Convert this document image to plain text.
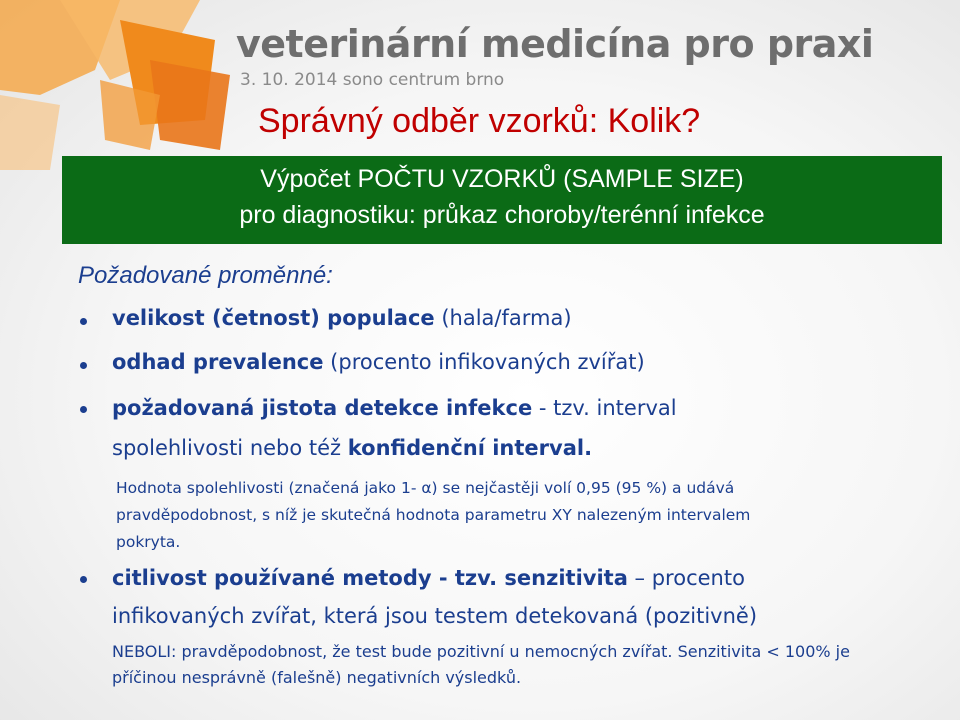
veterinární medicína pro praxi
3. 10. 2014 sono centrum brno
Správný odběr vzorků: Kolik?
Výpočet POČTU VZORKŮ (SAMPLE SIZE)
pro diagnostiku: průkaz choroby/terénní infekce
Požadované proměnné:
velikost (četnost) populace (hala/farma)
odhad prevalence (procento infikovaných zvířat)
požadovaná jistota detekce infekce - tzv. interval
spolehlivosti nebo též konfidenční interval.
Hodnota spolehlivosti (značená jako 1- α) se nejčastěji volí 0,95 (95 %) a udává
pravděpodobnost, s níž je skutečná hodnota parametru XY nalezeným intervalem
pokryta.
citlivost používané metody - tzv. senzitivita – procento
infikovaných zvířat, která jsou testem detekovaná (pozitivně)
NEBOLI: pravděpodobnost, že test bude pozitivní u nemocných zvířat. Senzitivita < 100% je
příčinou nesprávně (falešně) negativních výsledků.
